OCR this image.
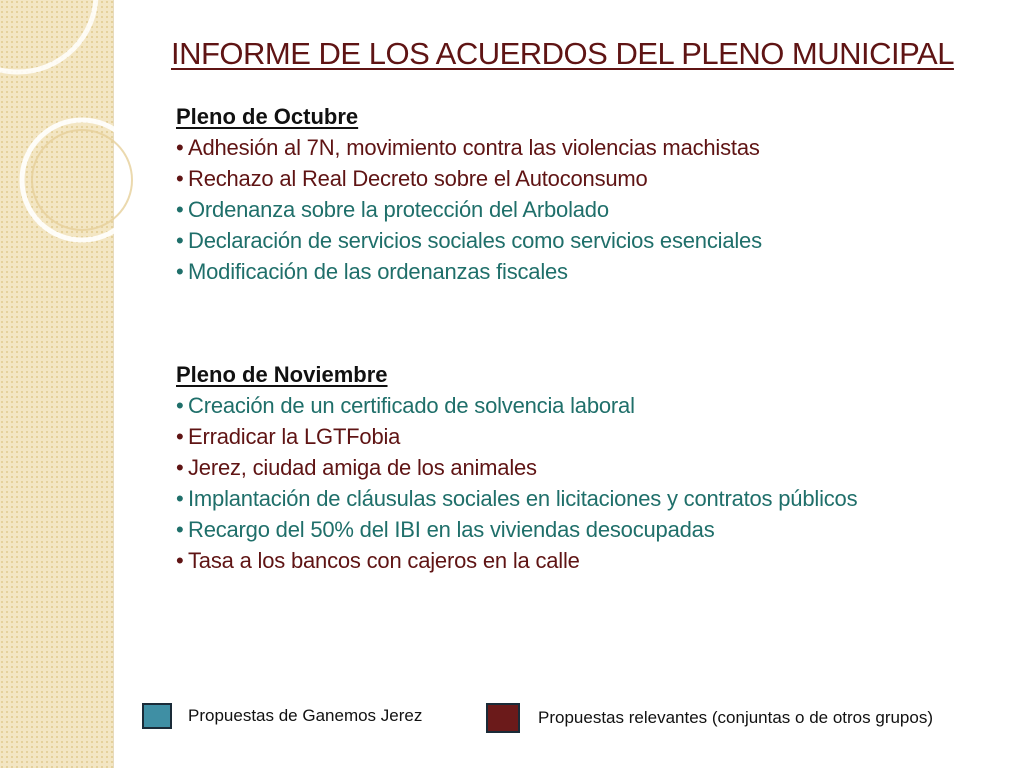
INFORME DE LOS ACUERDOS DEL PLENO MUNICIPAL
Pleno de Octubre
• Adhesión al 7N, movimiento contra las violencias machistas
• Rechazo al Real Decreto sobre el Autoconsumo
• Ordenanza sobre la protección del Arbolado
• Declaración de servicios sociales como servicios esenciales
• Modificación de las ordenanzas fiscales
Pleno de Noviembre
• Creación de un certificado de solvencia laboral
• Erradicar la LGTFobia
• Jerez, ciudad amiga de los animales
• Implantación de cláusulas sociales en licitaciones y contratos públicos
• Recargo del 50% del IBI en las viviendas desocupadas
• Tasa a los bancos con cajeros en la calle
Propuestas de Ganemos Jerez	Propuestas relevantes (conjuntas o de otros grupos)
